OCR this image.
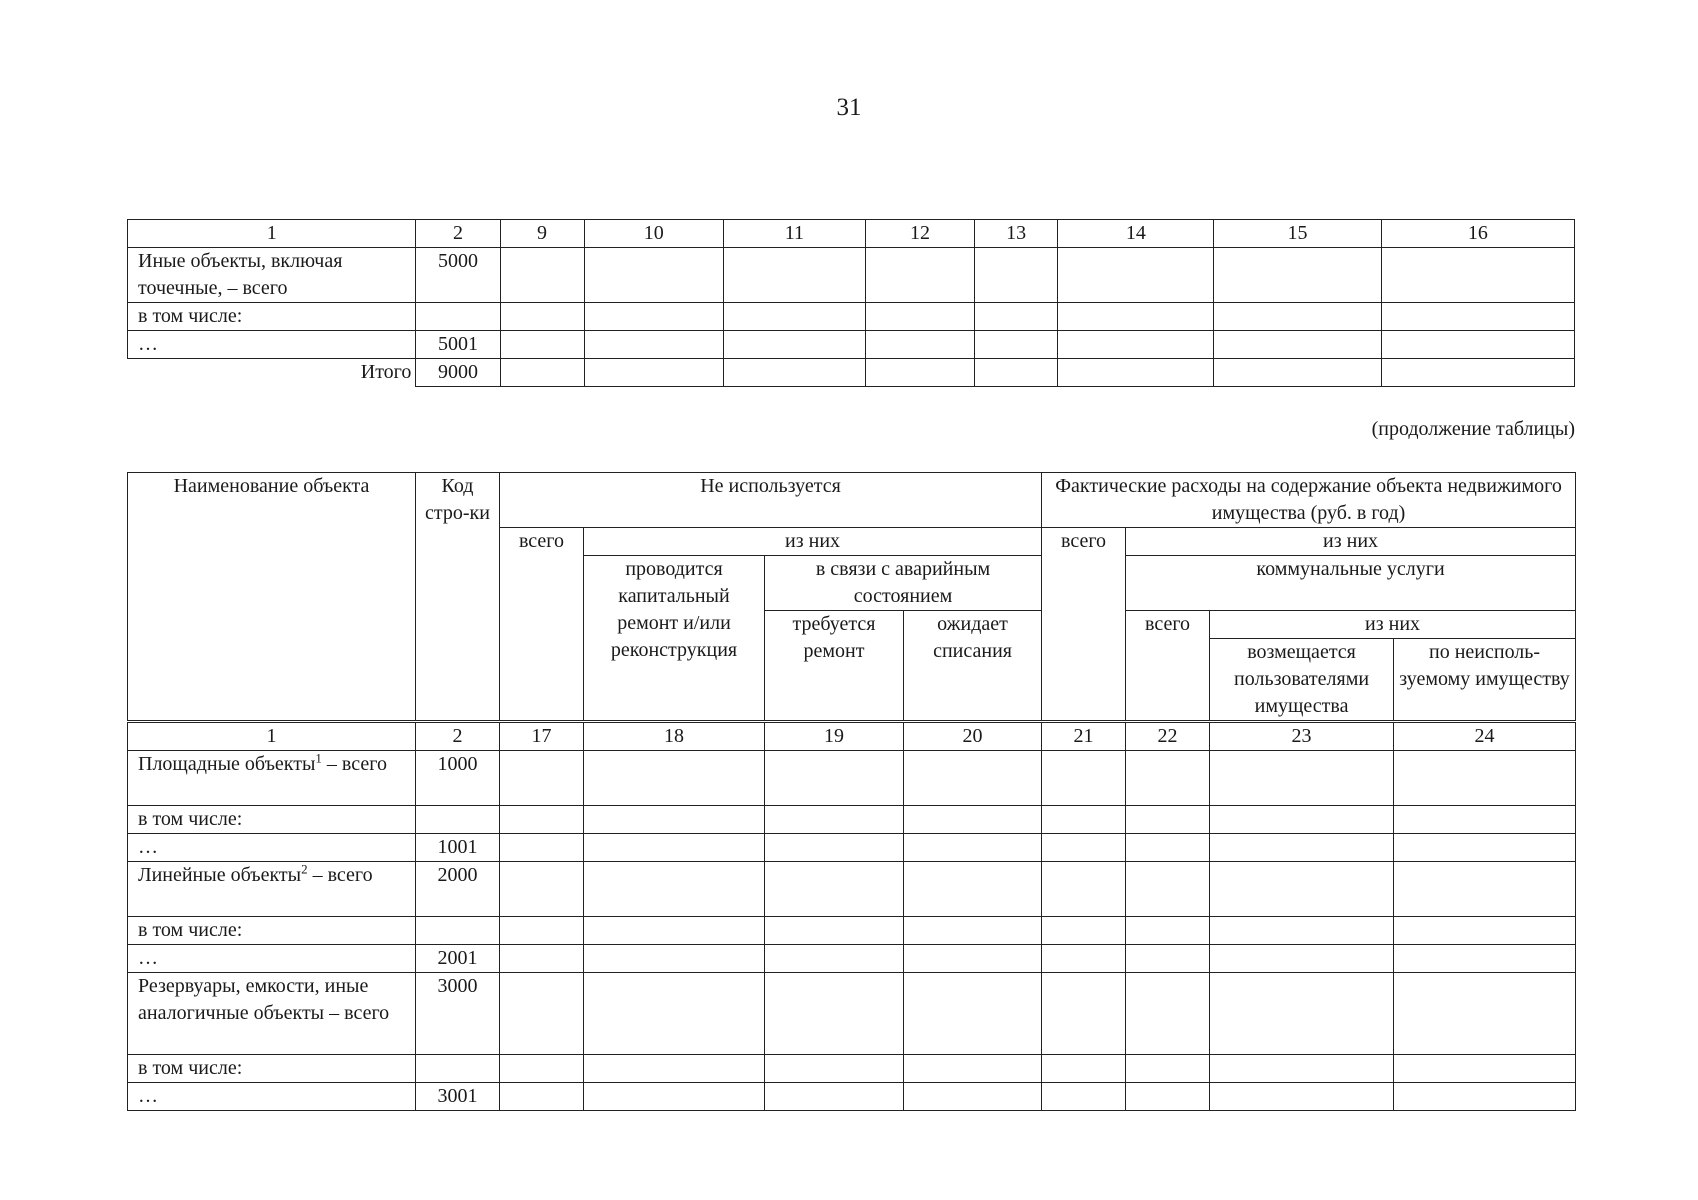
31
1	2	9	10	11	12	13	14	15	16
Иные объекты, включая точечные, – всего	5000								
в том числе:									
…	5001								
Итого	9000								
(продолжение таблицы)
Наименование объекта	Код стро-ки	Не используется				Фактические расходы на содержание объекта недвижимого имущества (руб. в год)			
		всего	из них			всего	из них		
			проводится капитальный ремонт и/или реконструкция	в связи с аварийным состоянием			коммунальные услуги		
				требуется ремонт	ожидает списания		всего	из них	
								возмещается пользователями имущества	по неисполь-зуемому имуществу
1	2	17	18	19	20	21	22	23	24
Площадные объекты$^1$ – всего	1000								
в том числе:									
…	1001								
Линейные объекты$^2$ – всего	2000								
в том числе:									
…	2001								
Резервуары, емкости, иные аналогичные объекты – всего	3000								
в том числе:									
…	3001								
